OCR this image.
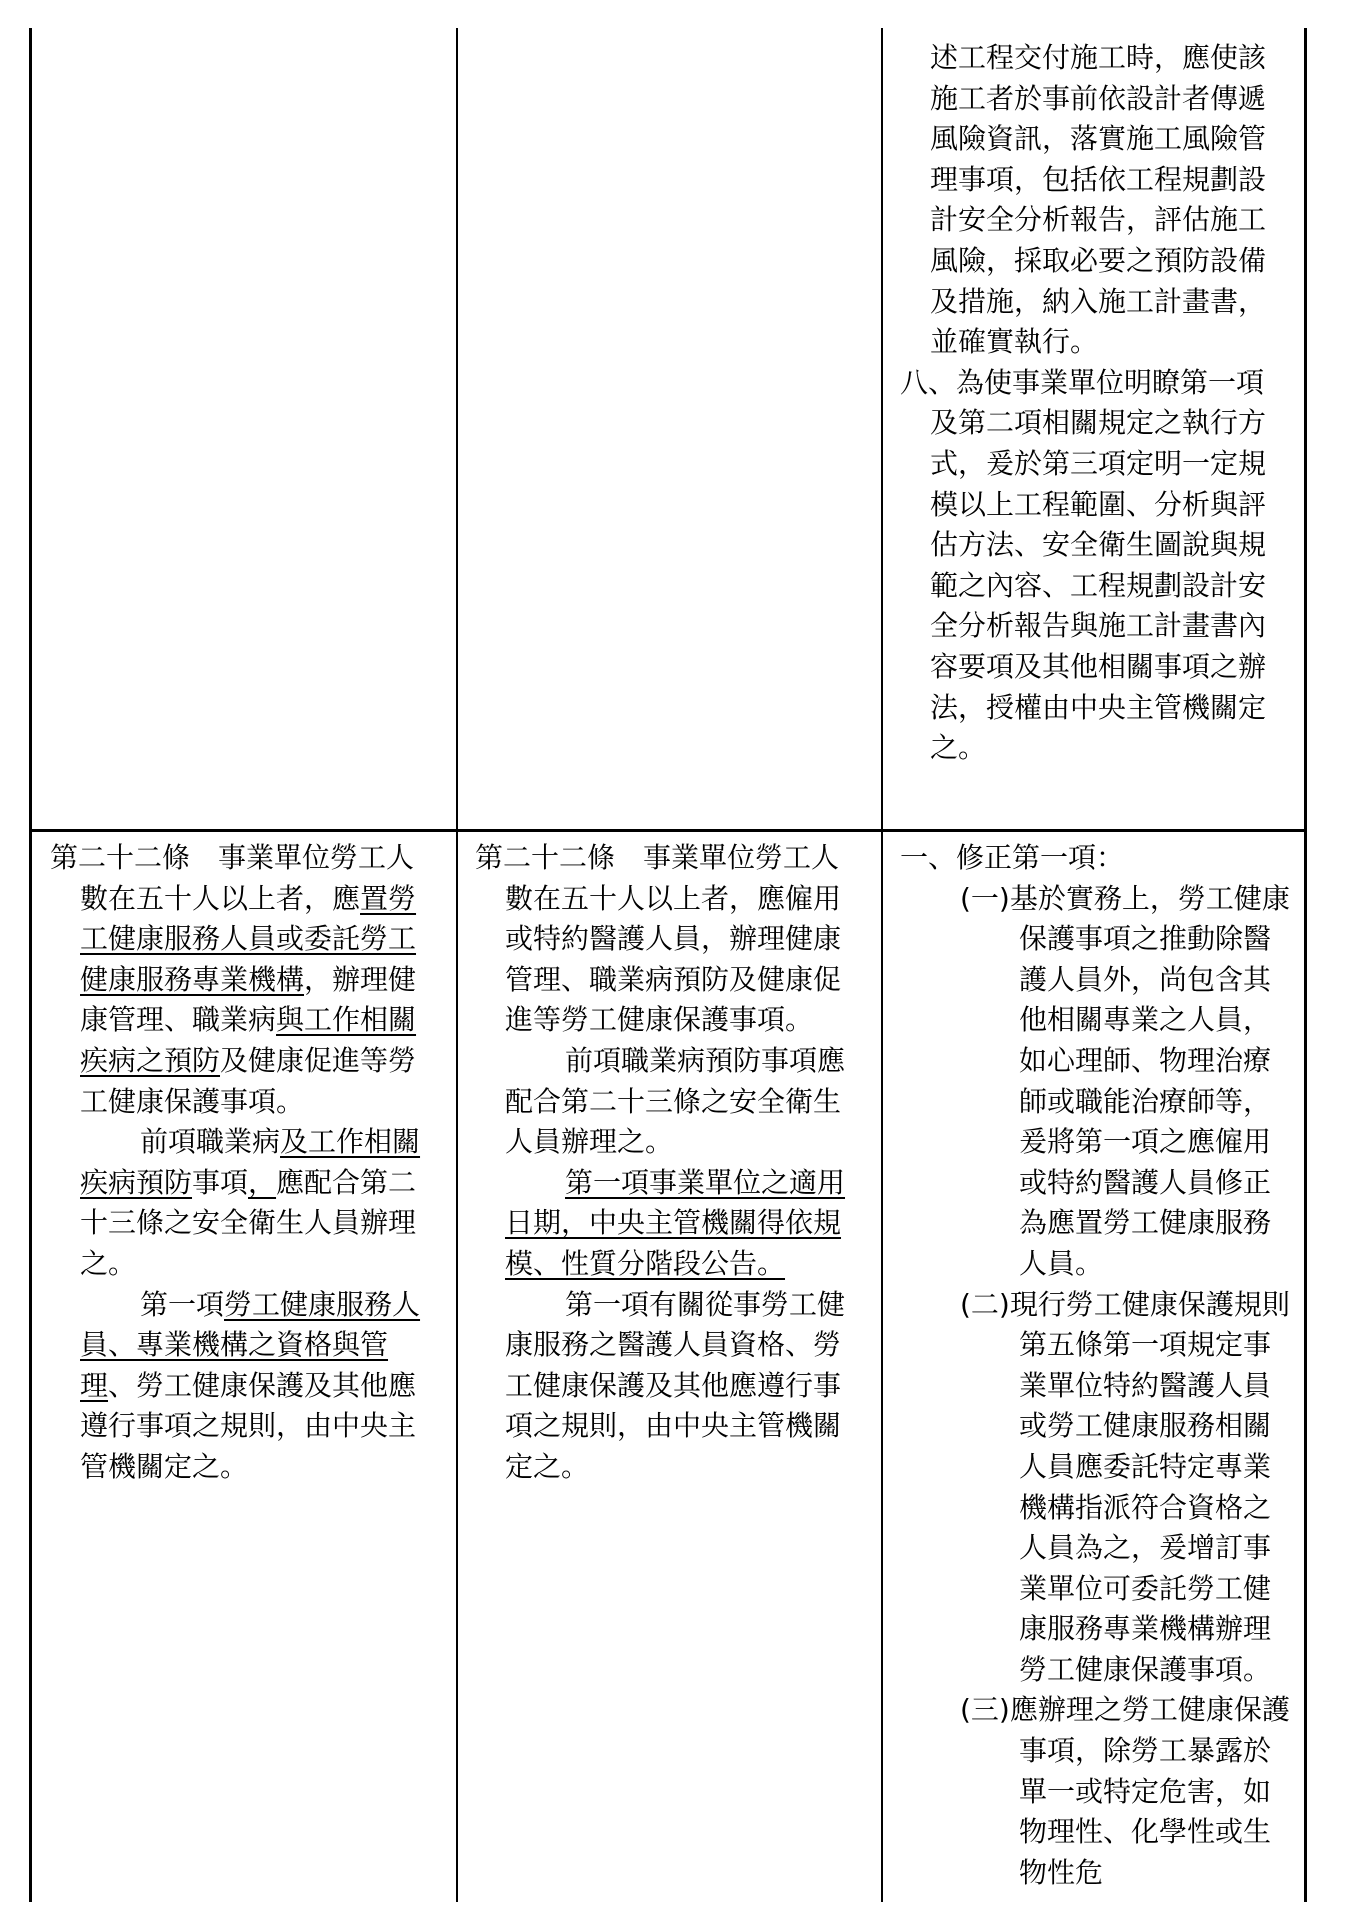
述工程交付施工時，應使該施工者於事前依設計者傳遞風險資訊，落實施工風險管理事項，包括依工程規劃設計安全分析報告，評估施工風險，採取必要之預防設備及措施，納入施工計畫書，並確實執行。
八、為使事業單位明瞭第一項及第二項相關規定之執行方式，爰於第三項定明一定規模以上工程範圍、分析與評估方法、安全衛生圖說與規範之內容、工程規劃設計安全分析報告與施工計畫書內容要項及其他相關事項之辦法，授權由中央主管機關定之。
第二十二條　事業單位勞工人數在五十人以上者，應置勞工健康服務人員或委託勞工健康服務專業機構，辦理健康管理、職業病與工作相關疾病之預防及健康促進等勞工健康保護事項。
前項職業病及工作相關疾病預防事項，應配合第二十三條之安全衛生人員辦理之。
第一項勞工健康服務人員、專業機構之資格與管理、勞工健康保護及其他應遵行事項之規則，由中央主管機關定之。
第二十二條　事業單位勞工人數在五十人以上者，應僱用或特約醫護人員，辦理健康管理、職業病預防及健康促進等勞工健康保護事項。
前項職業病預防事項應配合第二十三條之安全衛生人員辦理之。
第一項事業單位之適用日期，中央主管機關得依規模、性質分階段公告。
第一項有關從事勞工健康服務之醫護人員資格、勞工健康保護及其他應遵行事項之規則，由中央主管機關定之。
一、修正第一項：
(一)基於實務上，勞工健康保護事項之推動除醫護人員外，尚包含其他相關專業之人員，如心理師、物理治療師或職能治療師等，爰將第一項之應僱用或特約醫護人員修正為應置勞工健康服務人員。
(二)現行勞工健康保護規則第五條第一項規定事業單位特約醫護人員或勞工健康服務相關人員應委託特定專業機構指派符合資格之人員為之，爰增訂事業單位可委託勞工健康服務專業機構辦理勞工健康保護事項。
(三)應辦理之勞工健康保護事項，除勞工暴露於單一或特定危害，如物理性、化學性或生物性危
